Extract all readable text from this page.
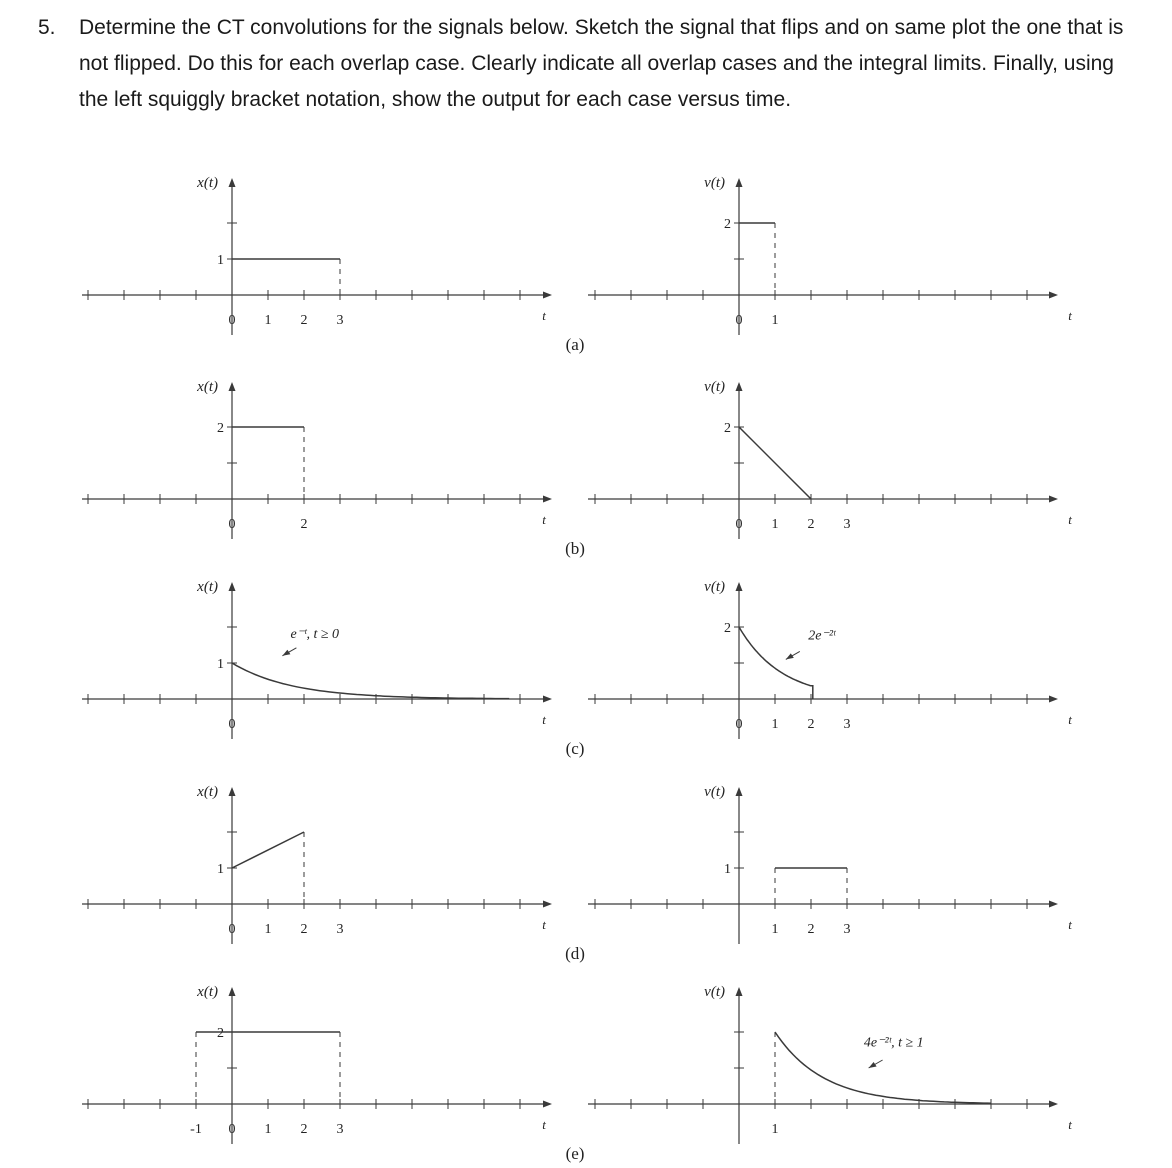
5. Determine the CT convolutions for the signals below. Sketch the signal that flips and on same plot the one that is not flipped. Do this for each overlap case. Clearly indicate all overlap cases and the integral limits. Finally, using the left squiggly bracket notation, show the output for each case versus time.

x(t)
1
0 1 2 3	t
v(t)
2
0 1	t
(a)
x(t)
2
0	2	t
v(t)
2
0 1 2 3	t
(b)
x(t)
1
0	t
e⁻ᵗ, t ≥ 0
v(t)
2
0 1 2 3	t
2e⁻²ᵗ
(c)
x(t)
1
0 1 2 3	t
v(t)
1
1 2 3	t
(d)
x(t)
2
-1 0 1 2 3	t
v(t)
1	t
4e⁻²ᵗ, t ≥ 1
(e)
